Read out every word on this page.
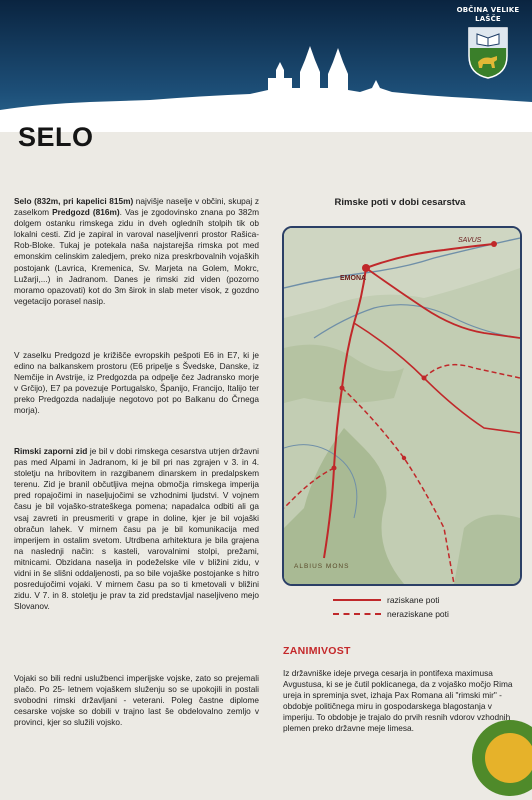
OBČINA VELIKE LAŠČE
SELO

Selo (832m, pri kapelici 815m) najvišje naselje v občini, skupaj z zaselkom Predgozd (816m). Vas je zgodovinsko znana po 382m dolgem ostanku rimskega zidu in dveh ogledníh stolpih tik ob lokalni cesti. Zid je zapiral in varoval naseljivenri prostor Rašica-Rob-Bloke. Tukaj je potekala naša najstarejša rimska pot med emonskim celinskim zaledjem, preko niza preskrbovalnih vojaških postojank (Lavrica, Kremenica, Sv. Marjeta na Golem, Mokrc, Lužarji,...) in Jadranom. Danes je rimski zid viden (pozorno moramo opazovati) kot do 3m širok in slab meter visok, z gozdno vegetacijo porasel nasip.

V zaselku Predgozd je križišče evropskih pešpoti E6 in E7, ki je edino na balkanskem prostoru (E6 pripelje s Švedske, Danske, iz Nemčije in Avstrije, iz Predgozda pa odpelje čez Jadransko morje v Grčijo), E7 pa povezuje Portugalsko, Španijo, Francijo, Italijo ter preko Predgozda nadaljuje negotovo pot po Balkanu do Črnega morja).

Rimski zaporni zid je bil v dobi rimskega cesarstva utrjen državni pas med Alpami in Jadranom, ki je bil pri nas zgrajen v 3. in 4. stoletju na hribovitem in razgibanem dinarskem in predalpskem terenu. Zid je branil občutljiva mejna območja rimskega imperija pred ropajočimi in naseljujočimi se vzhodnimi ljudstvi. V vojnem času je bil vojaško-strateškega pomena; napadalca odbiti ali ga vsaj zavreti in preusmeriti v grape in doline, kjer je bil vojaški obračun lahek. V mirnem času pa je bil komunikacija med imperijem in ostalim svetom. Utrdbena arhitektura je bila grajena na naslednji način: s kasteli, varovalnimi stolpi, prežami, mitnicami. Obzidana naselja in podeželske vile v bližini zidu, v vidni in še slišni oddaljenosti, pa so bile vojaške postojanke s hitro posredujočimi vojaki. V mirnem času pa so ti kmetovali v bližini zidu. V 7. in 8. stoletju je prav ta zid predstavljal naseljiveno mejo Slovanov.

Vojaki so bili redni uslužbenci imperijske vojske, zato so prejemali plačo. Po 25- letnem vojaškem služenju so se upokojili in postali svobodni rimski državljani - veterani. Poleg častne diplome cesarske vojske so dobili v trajno last še obdelovalno zemljo v provinci, kjer so služili vojsko.

Rimske poti v dobi cesarstva
SAVUS
EMONA
ALBIUS MONS
raziskane poti
neraziskane poti
ZANIMIVOST
Iz državniške ideje prvega cesarja in pontifexa maximusa Avgustusa, ki se je čutil poklicanega, da z vojaško močjo Rima ureja in spreminja svet, izhaja Pax Romana ali "rimski mir" - obdobje političnega miru in gospodarskega blagostanja v imperiju. To obdobje je trajalo do prvih resnih vdorov vzhodnih plemen preko državne meje limesa.
